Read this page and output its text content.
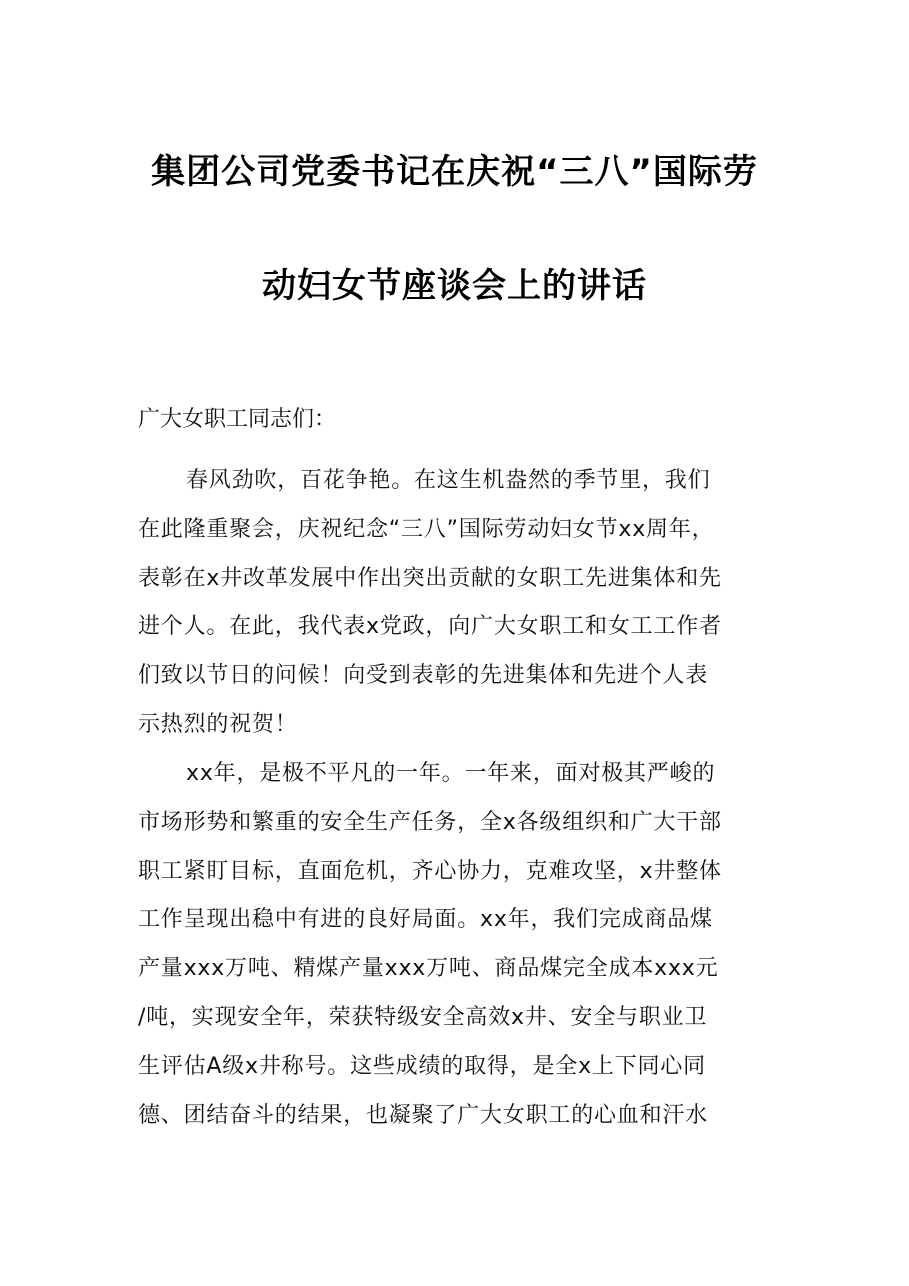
集团公司党委书记在庆祝“三八”国际劳
动妇女节座谈会上的讲话
广大女职工同志们：
春风劲吹，百花争艳。在这生机盎然的季节里，我们
在此隆重聚会，庆祝纪念“三八”国际劳动妇女节xx周年，
表彰在x井改革发展中作出突出贡献的女职工先进集体和先
进个人。在此，我代表x党政，向广大女职工和女工工作者
们致以节日的问候！向受到表彰的先进集体和先进个人表
示热烈的祝贺！
xx年，是极不平凡的一年。一年来，面对极其严峻的
市场形势和繁重的安全生产任务，全x各级组织和广大干部
职工紧盯目标，直面危机，齐心协力，克难攻坚，x井整体
工作呈现出稳中有进的良好局面。xx年，我们完成商品煤
产量xxx万吨、精煤产量xxx万吨、商品煤完全成本xxx元
/吨，实现安全年，荣获特级安全高效x井、安全与职业卫
生评估A级x井称号。这些成绩的取得，是全x上下同心同
德、团结奋斗的结果，也凝聚了广大女职工的心血和汗水
